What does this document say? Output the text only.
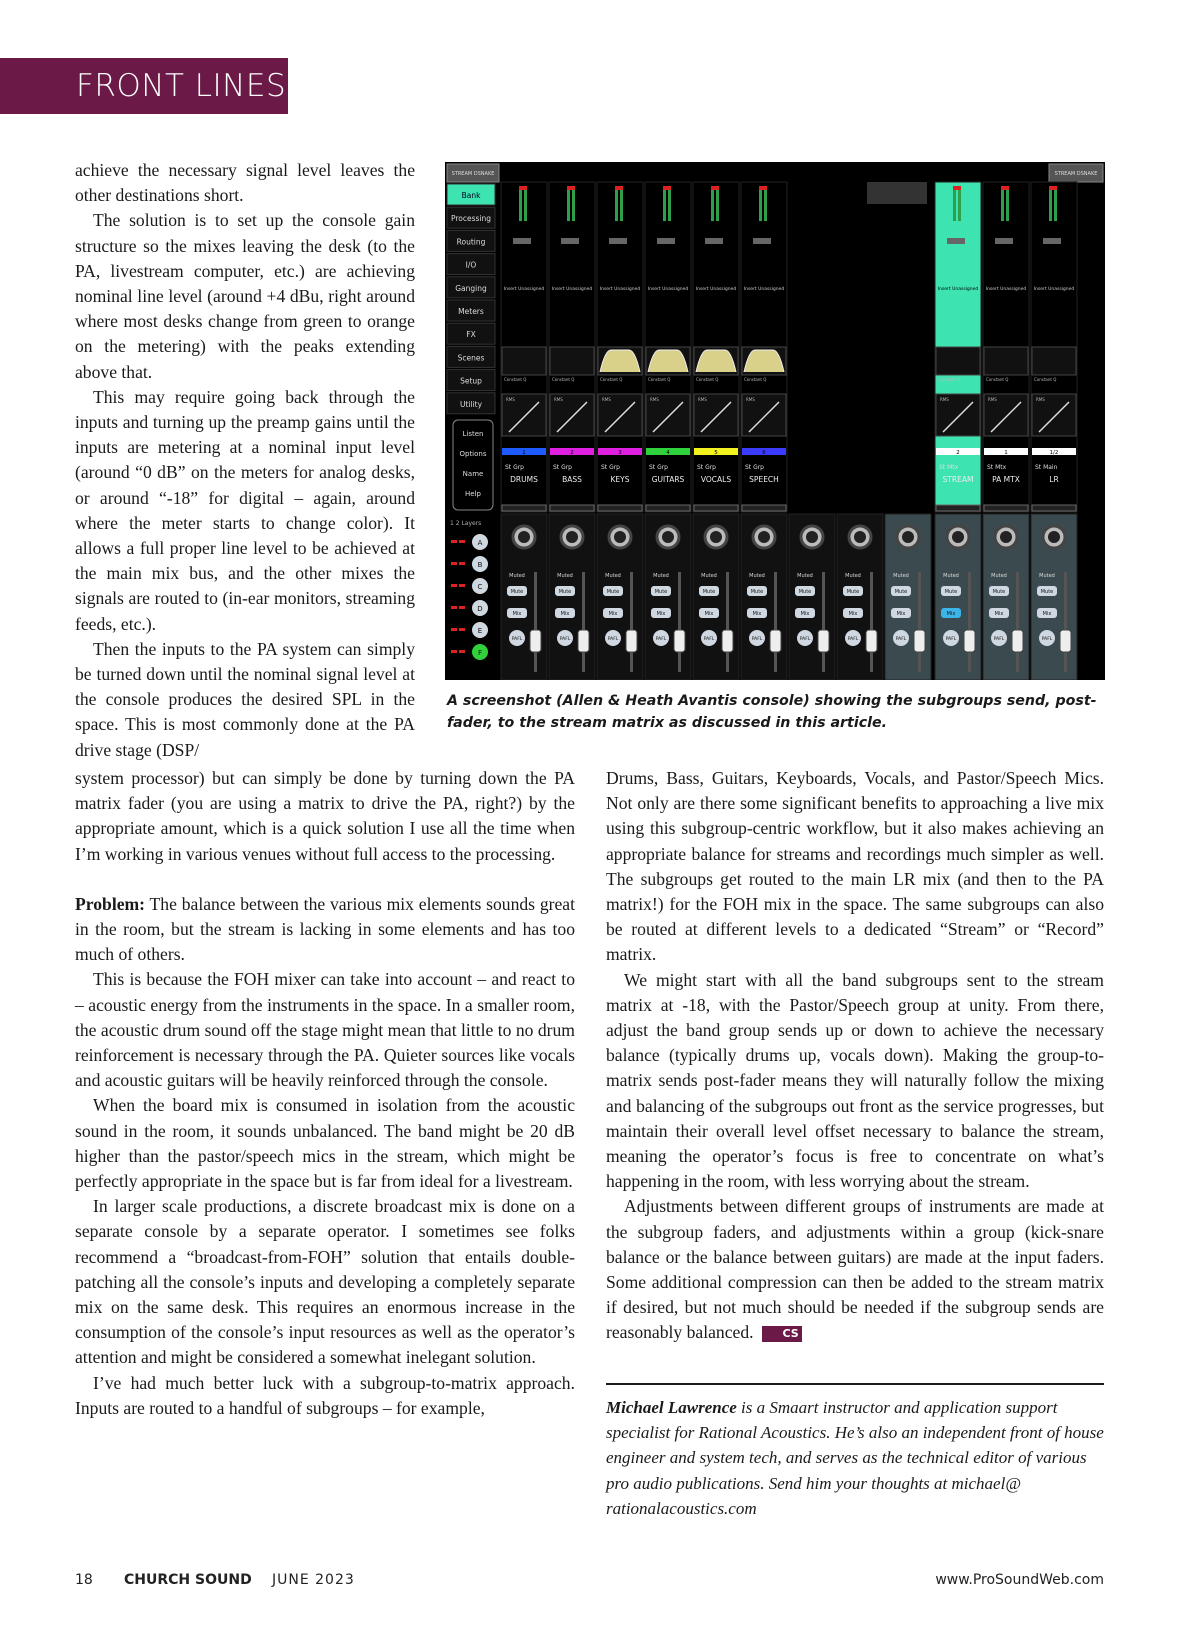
FRONT LINES

achieve the necessary signal level leaves the other destinations short.

The solution is to set up the console gain structure so the mixes leaving the desk (to the PA, livestream computer, etc.) are achieving nominal line level (around +4 dBu, right around where most desks change from green to orange on the metering) with the peaks extending above that.

This may require going back through the inputs and turning up the preamp gains until the inputs are metering at a nominal input level (around “0 dB” on the meters for analog desks, or around “-18” for digital – again, around where the meter starts to change color). It allows a full proper line level to be achieved at the main mix bus, and the other mixes the signals are routed to (in-ear monitors, streaming feeds, etc.).

Then the inputs to the PA system can simply be turned down until the nominal signal level at the console produces the desired SPL in the space. This is most commonly done at the PA drive stage (DSP/

STREAM DSNAKE	STREAM DSNAKE
Bank
Processing
Routing
I/O
Ganging
Meters
FX
Scenes
Setup
Utility
Listen
Options
Name
Help
1 2 Layers
A
B
C
D
E
F
Insert Unassigned
Constant Q
RMS
1
St Grp
DRUMS
Insert Unassigned
Constant Q
RMS
2
St Grp
BASS
Insert Unassigned
Constant Q
RMS
3
St Grp
KEYS
Insert Unassigned
Constant Q
RMS
4
St Grp
GUITARS
Insert Unassigned
Constant Q
RMS
5
St Grp
VOCALS
Insert Unassigned
Constant Q
RMS
6
St Grp
SPEECH
Insert Unassigned
Constant Q
RMS
2
St Mtx
STREAM
Insert Unassigned
Constant Q
RMS
1
St Mtx
PA MTX
Insert Unassigned
Constant Q
RMS
1/2
St Main
LR
Muted
Mute
Mix
PAFL
Muted
Mute
Mix
PAFL
Muted
Mute
Mix
PAFL
Muted
Mute
Mix
PAFL
Muted
Mute
Mix
PAFL
Muted
Mute
Mix
PAFL
Muted
Mute
Mix
PAFL
Muted
Mute
Mix
PAFL
Muted
Mute
Mix
PAFL
Muted
Mute
Mix
PAFL
Muted
Mute
Mix
PAFL
Muted
Mute
Mix
PAFL
A screenshot (Allen & Heath Avantis console) showing the subgroups send, post-fader, to the stream matrix as discussed in this article.

system processor) but can simply be done by turning down the PA matrix fader (you are using a matrix to drive the PA, right?) by the appropriate amount, which is a quick solution I use all the time when I’m working in various venues without full access to the processing.

Problem: The balance between the various mix elements sounds great in the room, but the stream is lacking in some elements and has too much of others.

This is because the FOH mixer can take into account – and react to – acoustic energy from the instruments in the space. In a smaller room, the acoustic drum sound off the stage might mean that little to no drum reinforcement is necessary through the PA. Quieter sources like vocals and acoustic guitars will be heavily reinforced through the console.

When the board mix is consumed in isolation from the acoustic sound in the room, it sounds unbalanced. The band might be 20 dB higher than the pastor/speech mics in the stream, which might be perfectly appropriate in the space but is far from ideal for a livestream.

In larger scale productions, a discrete broadcast mix is done on a separate console by a separate operator. I sometimes see folks recommend a “broadcast-from-FOH” solution that entails double-patching all the console’s inputs and developing a completely separate mix on the same desk. This requires an enormous increase in the consumption of the console’s input resources as well as the operator’s attention and might be considered a somewhat inelegant solution.

I’ve had much better luck with a subgroup-to-matrix approach. Inputs are routed to a handful of subgroups – for example,

Drums, Bass, Guitars, Keyboards, Vocals, and Pastor/Speech Mics. Not only are there some significant benefits to approaching a live mix using this subgroup-centric workflow, but it also makes achieving an appropriate balance for streams and recordings much simpler as well. The subgroups get routed to the main LR mix (and then to the PA matrix!) for the FOH mix in the space. The same subgroups can also be routed at different levels to a dedicated “Stream” or “Record” matrix.

We might start with all the band subgroups sent to the stream matrix at -18, with the Pastor/Speech group at unity. From there, adjust the band group sends up or down to achieve the necessary balance (typically drums up, vocals down). Making the group-to-matrix sends post-fader means they will naturally follow the mixing and balancing of the subgroups out front as the service progresses, but maintain their overall level offset necessary to balance the stream, meaning the operator’s focus is free to concentrate on what’s happening in the room, with less worrying about the stream.

Adjustments between different groups of instruments are made at the subgroup faders, and adjustments within a group (kick-snare balance or the balance between guitars) are made at the input faders. Some additional compression can then be added to the stream matrix if desired, but not much should be needed if the subgroup sends are reasonably balanced.	CS

Michael Lawrence is a Smaart instructor and application support specialist for Rational Acoustics. He’s also an independent front of house engineer and system tech, and serves as the technical editor of various pro audio publications. Send him your thoughts at michael@ rationalacoustics.com
18 CHURCH SOUND JUNE 2023	www.ProSoundWeb.com
